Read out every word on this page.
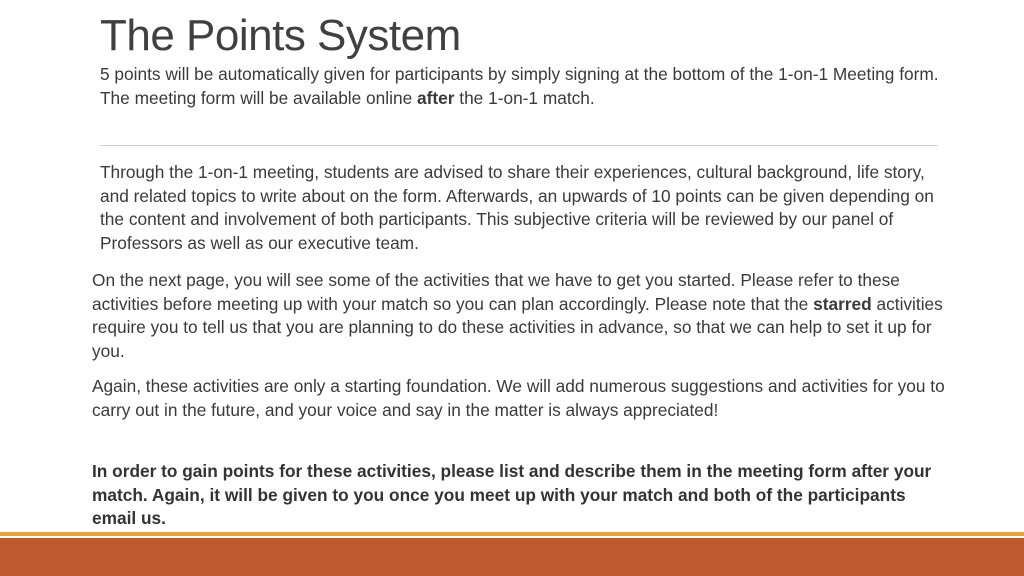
The Points System

5 points will be automatically given for participants by simply signing at the bottom of the 1-on-1 Meeting form. The meeting form will be available online after the 1-on-1 match.

Through the 1-on-1 meeting, students are advised to share their experiences, cultural background, life story, and related topics to write about on the form. Afterwards, an upwards of 10 points can be given depending on the content and involvement of both participants. This subjective criteria will be reviewed by our panel of Professors as well as our executive team.

On the next page, you will see some of the activities that we have to get you started. Please refer to these activities before meeting up with your match so you can plan accordingly. Please note that the starred activities require you to tell us that you are planning to do these activities in advance, so that we can help to set it up for you.

Again, these activities are only a starting foundation. We will add numerous suggestions and activities for you to carry out in the future, and your voice and say in the matter is always appreciated!

In order to gain points for these activities, please list and describe them in the meeting form after your match. Again, it will be given to you once you meet up with your match and both of the participants email us.
